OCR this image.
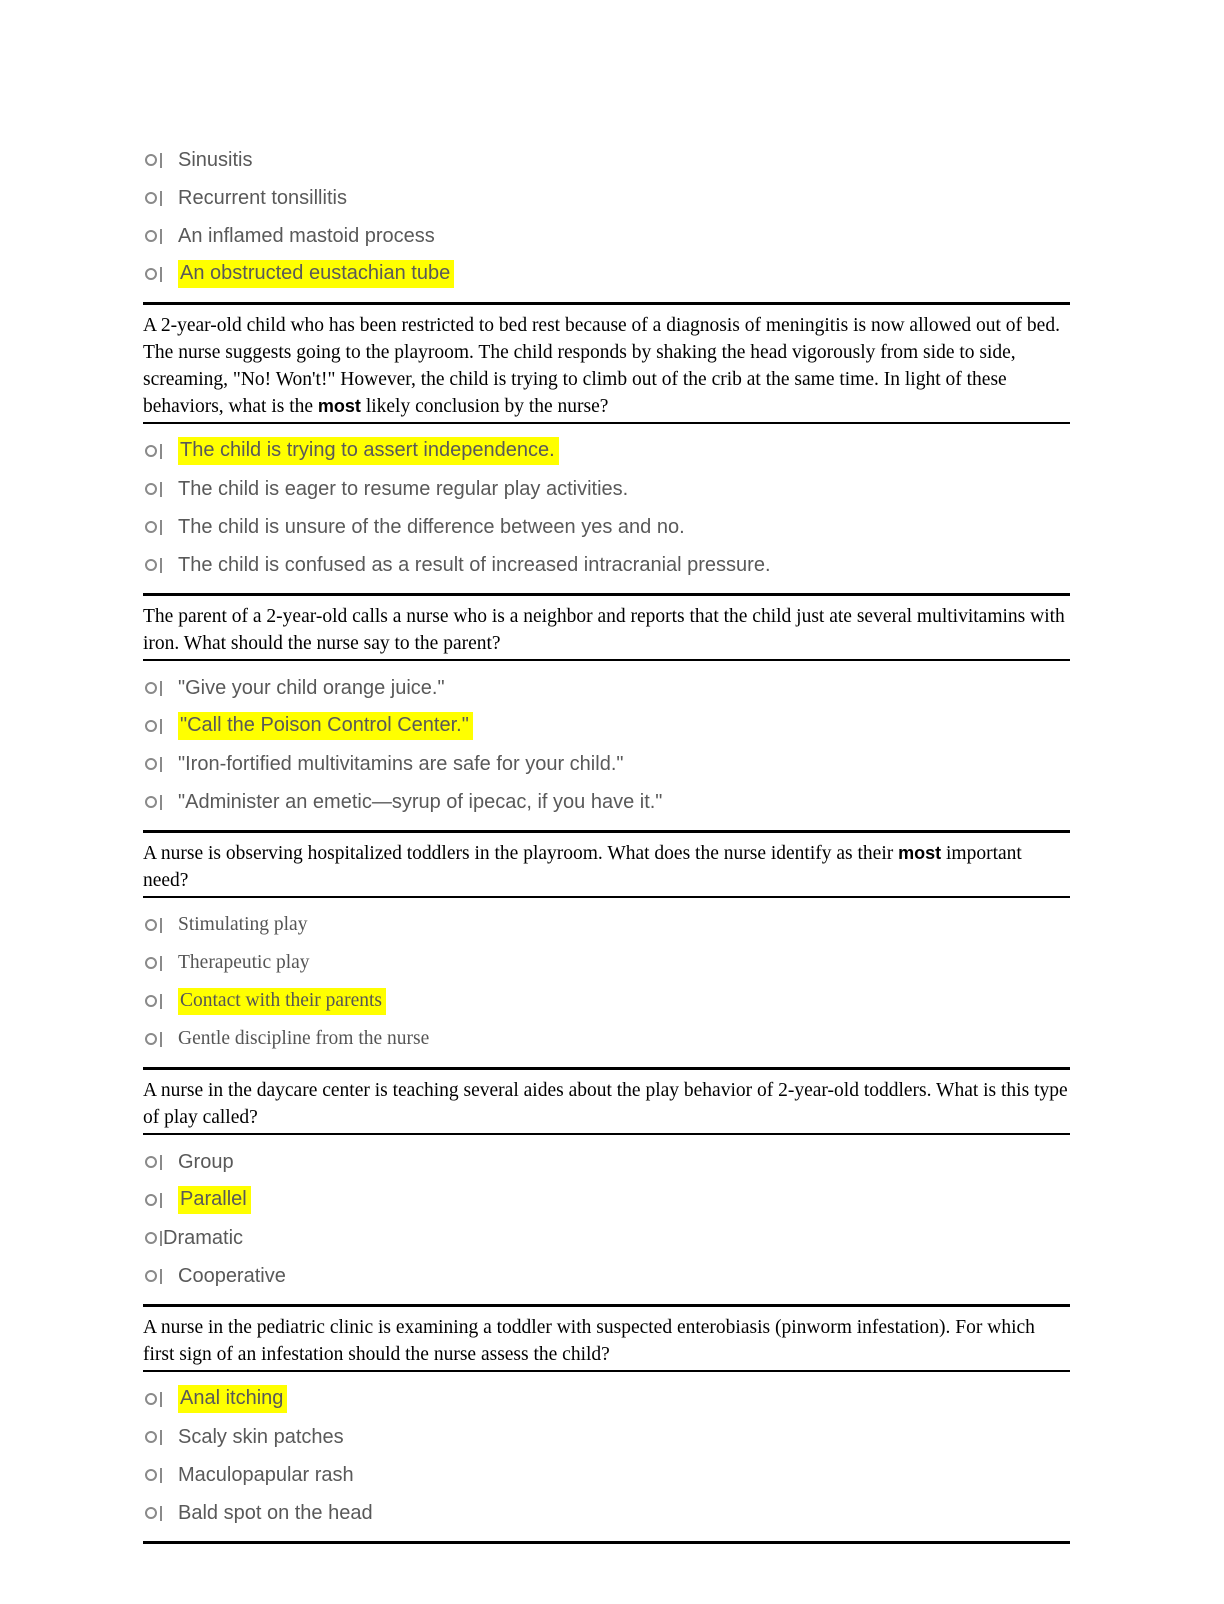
Sinusitis
Recurrent tonsillitis
An inflamed mastoid process
An obstructed eustachian tube
A 2-year-old child who has been restricted to bed rest because of a diagnosis of meningitis is now allowed out of bed. The nurse suggests going to the playroom. The child responds by shaking the head vigorously from side to side, screaming, "No! Won't!" However, the child is trying to climb out of the crib at the same time. In light of these behaviors, what is the most likely conclusion by the nurse?
The child is trying to assert independence.
The child is eager to resume regular play activities.
The child is unsure of the difference between yes and no.
The child is confused as a result of increased intracranial pressure.
The parent of a 2-year-old calls a nurse who is a neighbor and reports that the child just ate several multivitamins with iron. What should the nurse say to the parent?
"Give your child orange juice."
"Call the Poison Control Center."
"Iron-fortified multivitamins are safe for your child."
"Administer an emetic—syrup of ipecac, if you have it."
A nurse is observing hospitalized toddlers in the playroom. What does the nurse identify as their most important need?
Stimulating play
Therapeutic play
Contact with their parents
Gentle discipline from the nurse
A nurse in the daycare center is teaching several aides about the play behavior of 2-year-old toddlers. What is this type of play called?
Group
Parallel
Dramatic
Cooperative
A nurse in the pediatric clinic is examining a toddler with suspected enterobiasis (pinworm infestation). For which first sign of an infestation should the nurse assess the child?
Anal itching
Scaly skin patches
Maculopapular rash
Bald spot on the head
